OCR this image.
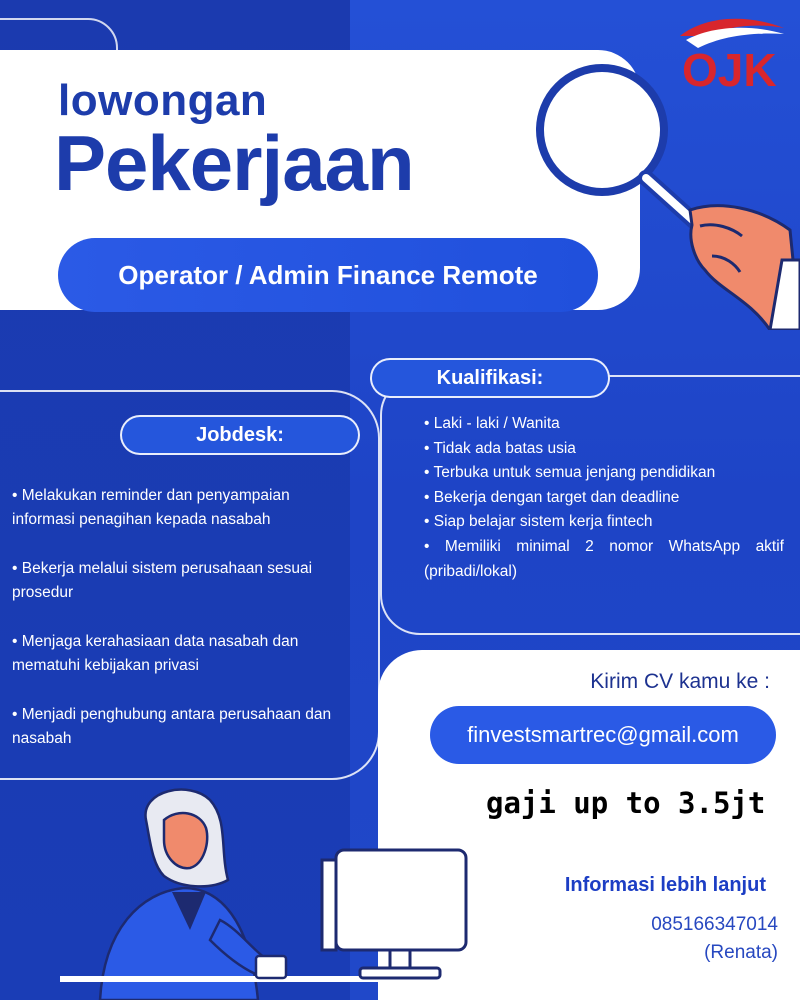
lowongan
Pekerjaan
Operator / Admin Finance Remote
OJK
Kualifikasi:
• Laki - laki / Wanita
• Tidak ada batas usia
• Terbuka untuk semua jenjang pendidikan
• Bekerja dengan target dan deadline
• Siap belajar sistem kerja fintech
• Memiliki minimal 2 nomor WhatsApp aktif
(pribadi/lokal)
Jobdesk:
• Melakukan reminder dan penyampaian informasi penagihan kepada nasabah
• Bekerja melalui sistem perusahaan sesuai prosedur
• Menjaga kerahasiaan data nasabah dan mematuhi kebijakan privasi
• Menjadi penghubung antara perusahaan dan nasabah
Kirim CV kamu ke :
finvestsmartrec@gmail.com
gaji up to 3.5jt
Informasi lebih lanjut
085166347014
(Renata)
